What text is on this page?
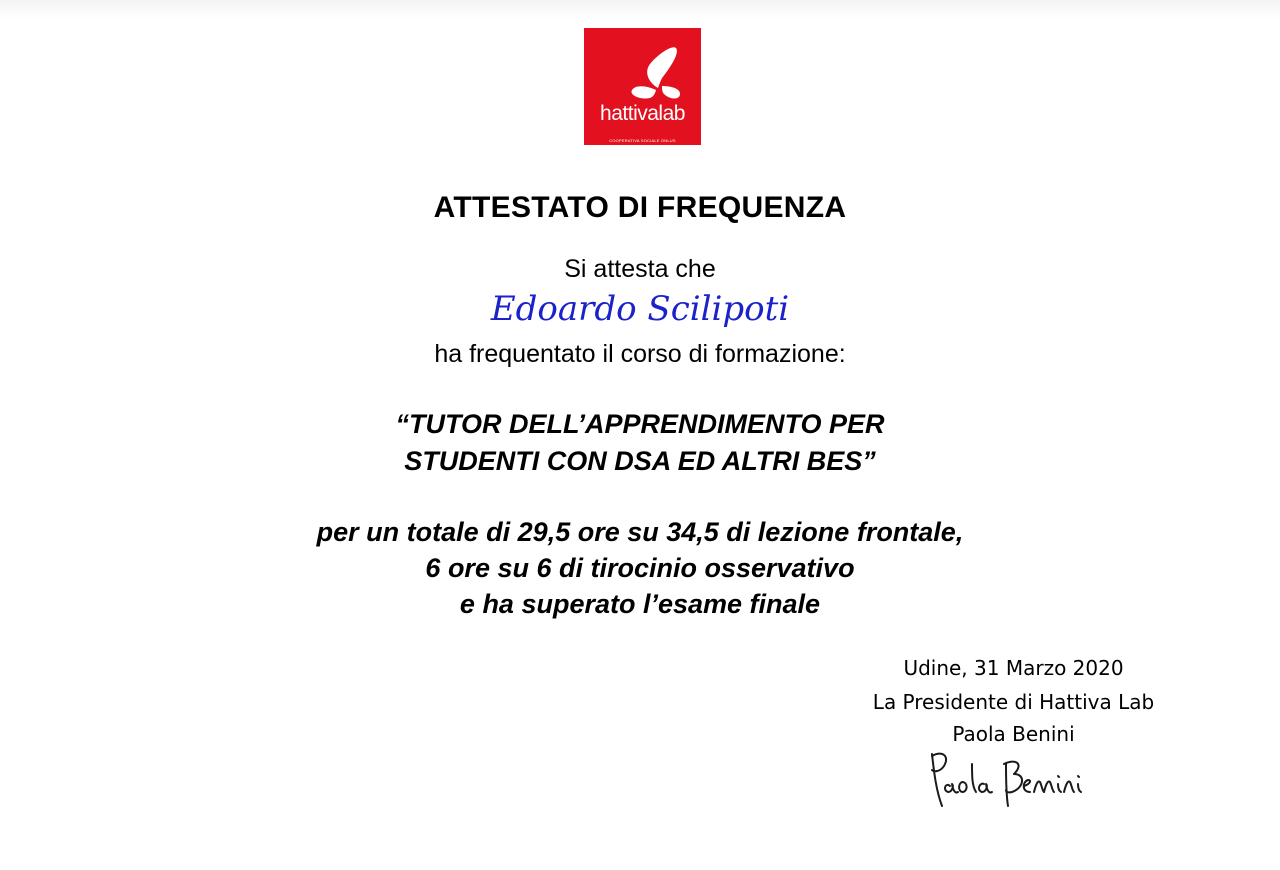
hattivalab
COOPERATIVA SOCIALE ONLUS
ATTESTATO DI FREQUENZA
Si attesta che
Edoardo Scilipoti
ha frequentato il corso di formazione:
“TUTOR DELL’APPRENDIMENTO PER
STUDENTI CON DSA ED ALTRI BES”
per un totale di 29,5 ore su 34,5 di lezione frontale,
6 ore su 6 di tirocinio osservativo
e ha superato l’esame finale
Udine, 31 Marzo 2020
La Presidente di Hattiva Lab
Paola Benini
